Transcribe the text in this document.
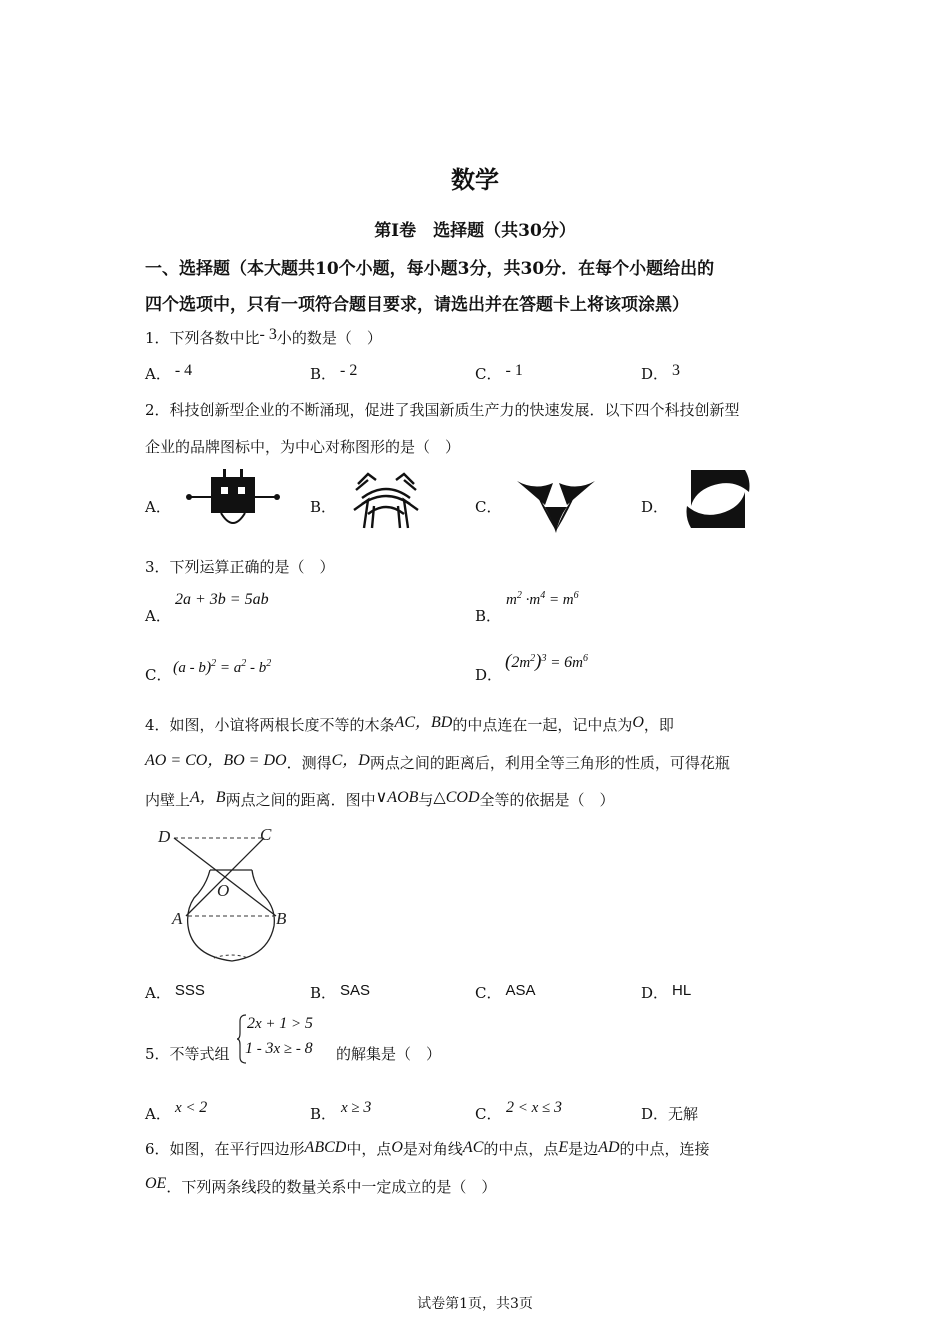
数学
第Ⅰ卷　选择题（共30分）
一、选择题（本大题共10个小题，每小题3分，共30分．在每个小题给出的
四个选项中，只有一项符合题目要求，请选出并在答题卡上将该项涂黑）
1．下列各数中比- 3小的数是（　）
A． - 4	B． - 2	C． - 1	D． 3
2．科技创新型企业的不断涌现，促进了我国新质生产力的快速发展．以下四个科技创新型
企业的品牌图标中，为中心对称图形的是（　）
A．	B．	C．	D．
3．下列运算正确的是（　）
A．
2a + 3b = 5ab
B．
$m^2 \cdot m^4 = m^6$
C． $(a - b)^2 = a^2 - b^2$
D．
$(2m^2)^3 = 6m^6$
4．如图，小谊将两根长度不等的木条AC，BD的中点连在一起，记中点为O，即
AO = CO，BO = DO．测得C，D两点之间的距离后，利用全等三角形的性质，可得花瓶
内壁上A，B两点之间的距离．图中∨AOB与△COD全等的依据是（　）
D	C
O
A	B
A． SSS	B． SAS	C． ASA	D． HL
5．不等式组
2x + 1 > 5
1 - 3x ≥ - 8 的解集是（　）
A． x < 2	B． x ≥ 3	C． 2 < x ≤ 3	D．无解
6．如图，在平行四边形ABCD中，点O是对角线AC的中点，点E是边AD的中点，连接
OE．下列两条线段的数量关系中一定成立的是（　）
试卷第1页，共3页
